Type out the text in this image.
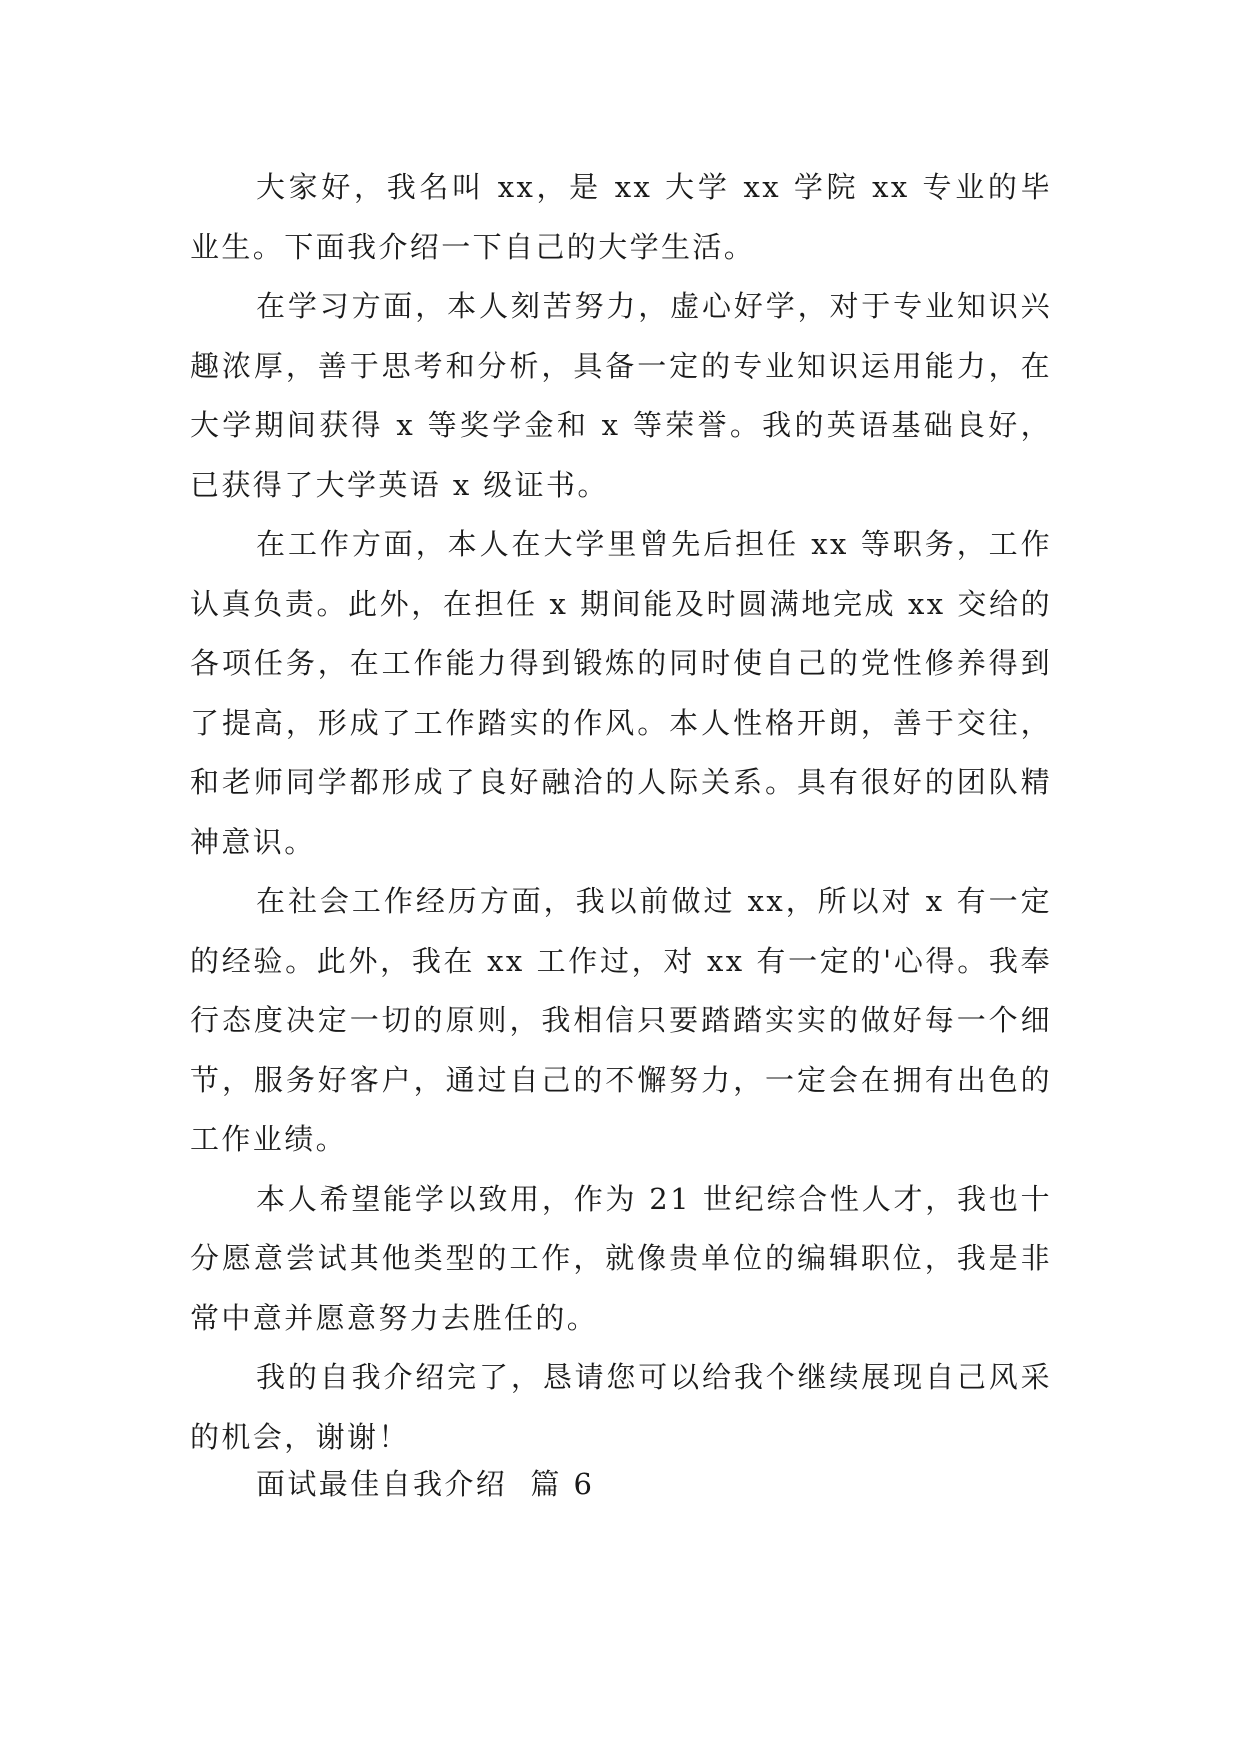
大家好，我名叫 xx，是 xx 大学 xx 学院 xx 专业的毕业生。下面我介绍一下自己的大学生活。

在学习方面，本人刻苦努力，虚心好学，对于专业知识兴趣浓厚，善于思考和分析，具备一定的专业知识运用能力，在大学期间获得 x 等奖学金和 x 等荣誉。我的英语基础良好，已获得了大学英语 x 级证书。

在工作方面，本人在大学里曾先后担任 xx 等职务，工作认真负责。此外，在担任 x 期间能及时圆满地完成 xx 交给的各项任务，在工作能力得到锻炼的同时使自己的党性修养得到了提高，形成了工作踏实的作风。本人性格开朗，善于交往，和老师同学都形成了良好融洽的人际关系。具有很好的团队精神意识。

在社会工作经历方面，我以前做过 xx，所以对 x 有一定的经验。此外，我在 xx 工作过，对 xx 有一定的'心得。我奉行态度决定一切的原则，我相信只要踏踏实实的做好每一个细节，服务好客户，通过自己的不懈努力，一定会在拥有出色的工作业绩。

本人希望能学以致用，作为 21 世纪综合性人才，我也十分愿意尝试其他类型的工作，就像贵单位的编辑职位，我是非常中意并愿意努力去胜任的。

我的自我介绍完了，恳请您可以给我个继续展现自己风采的机会，谢谢！

面试最佳自我介绍  篇 6
